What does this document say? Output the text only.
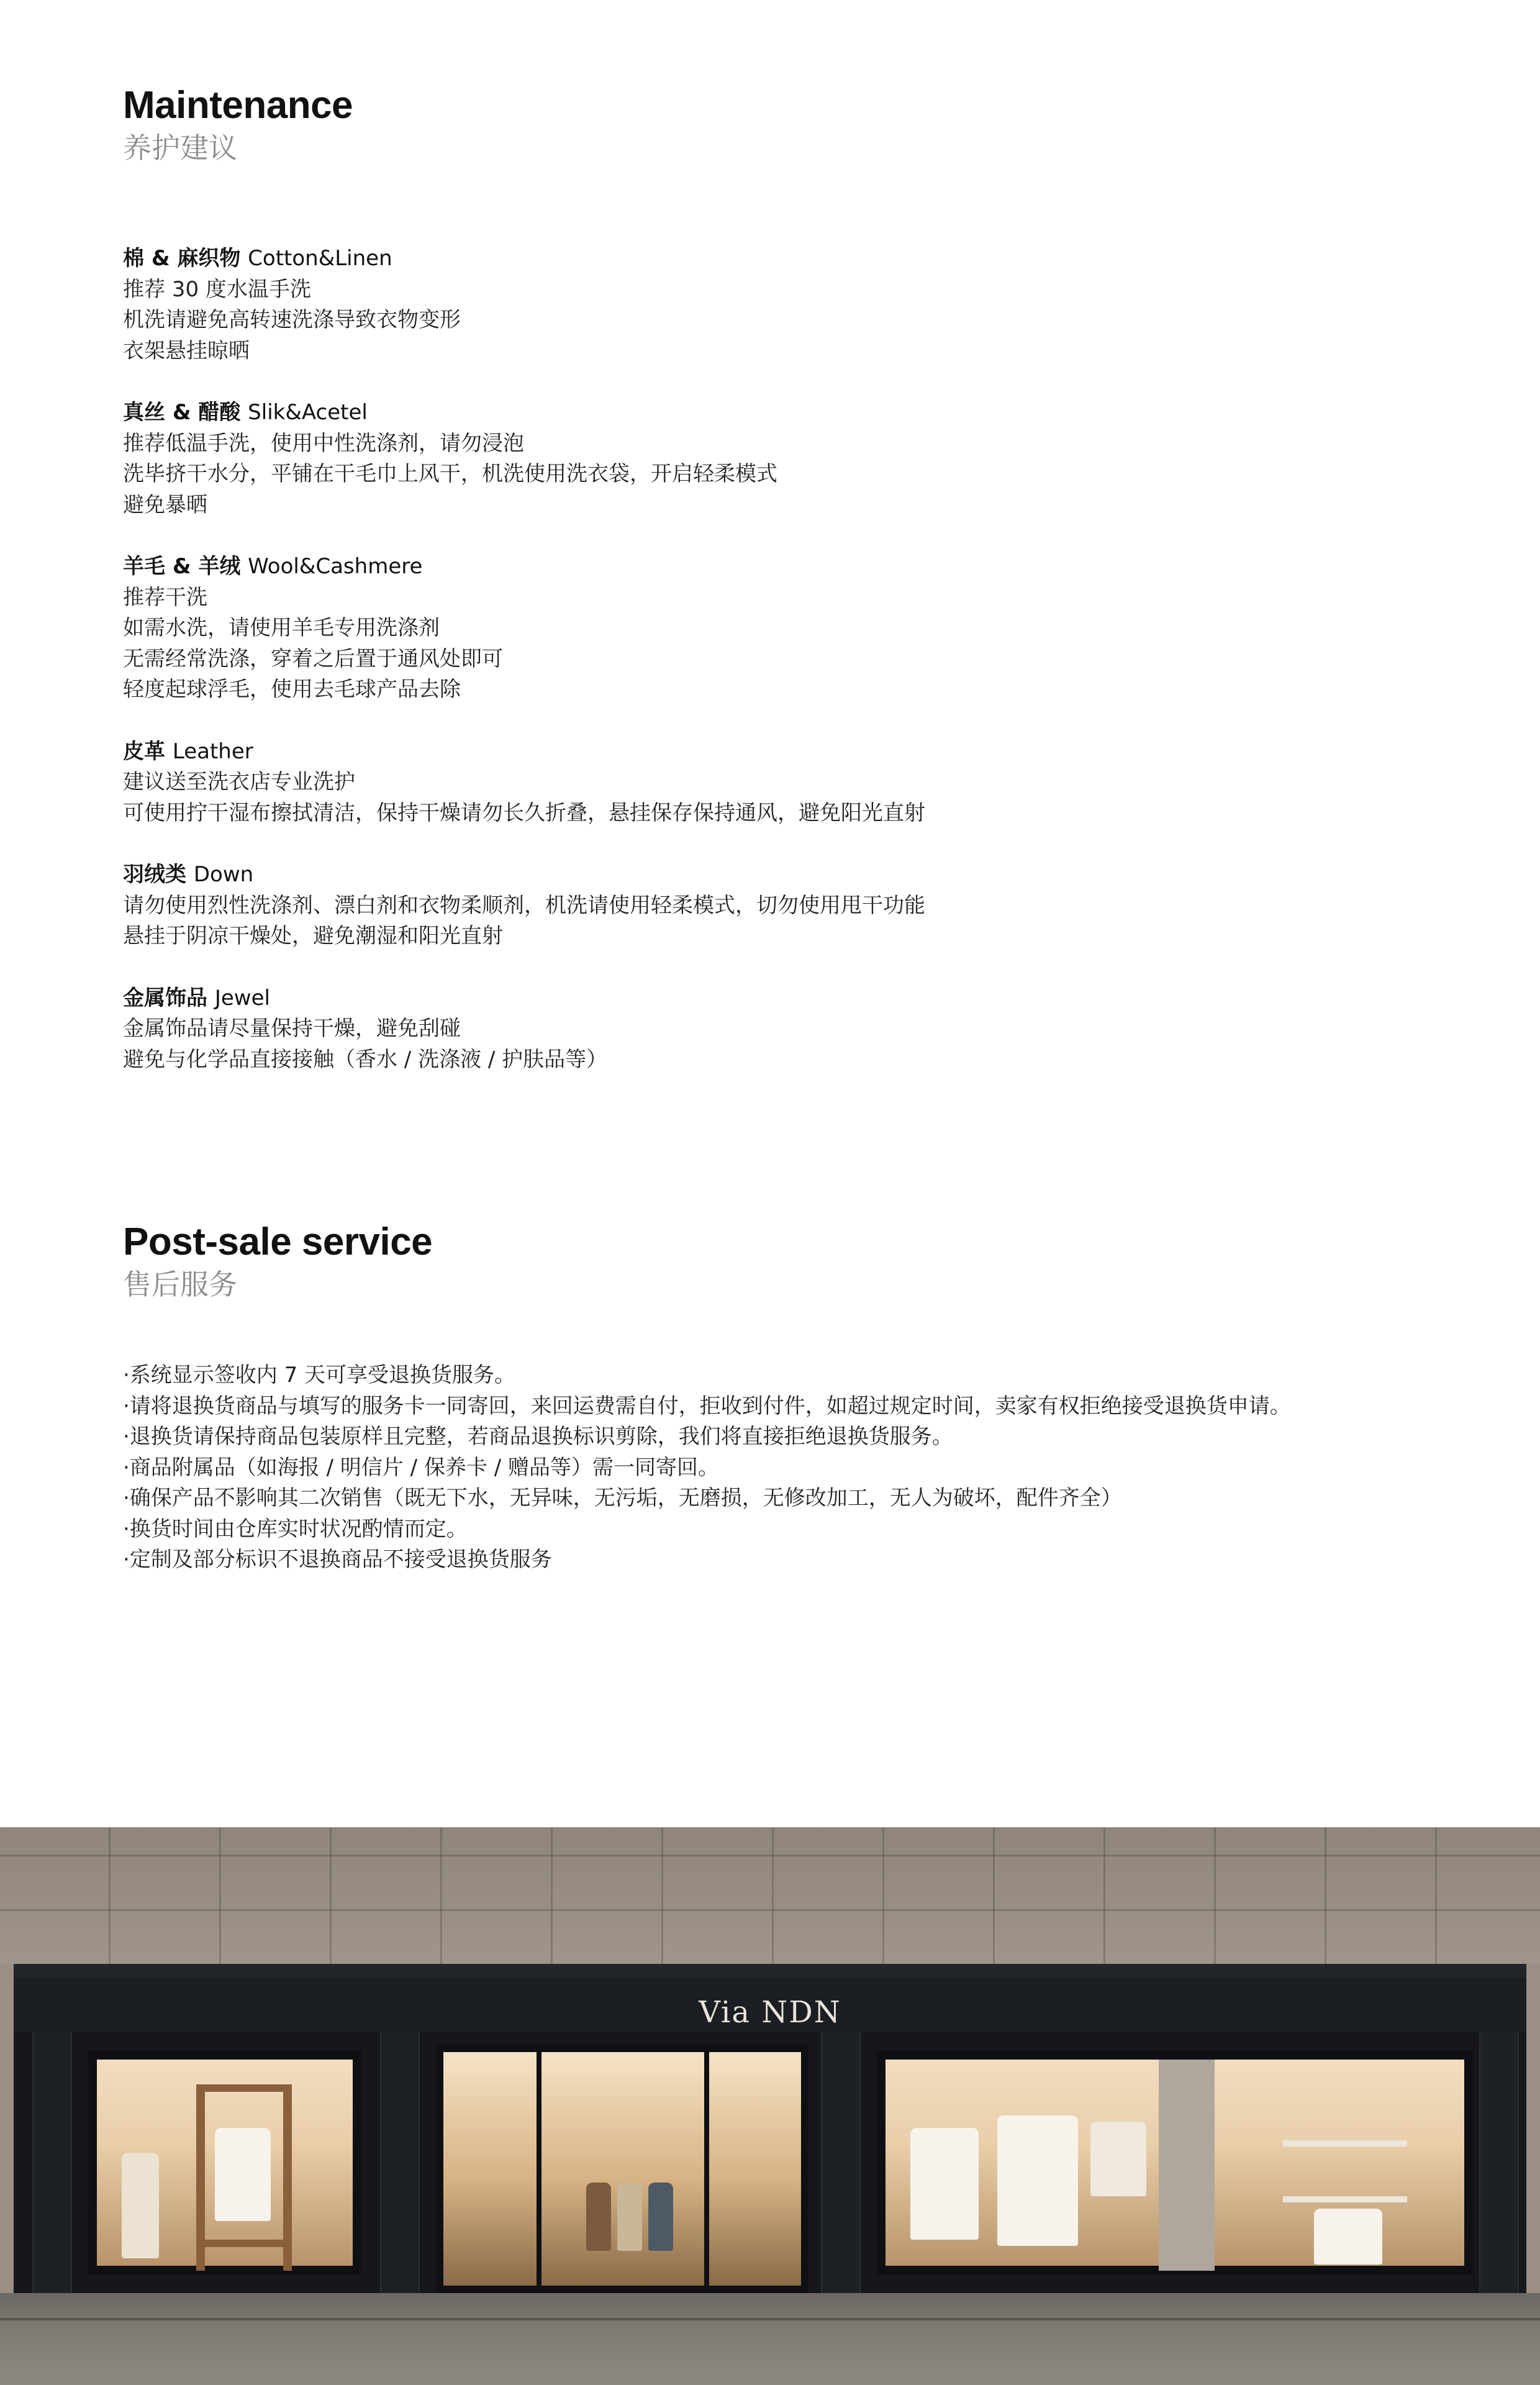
Maintenance
养护建议
棉 & 麻织物 Cotton&Linen
推荐 30 度水温手洗
机洗请避免高转速洗涤导致衣物变形
衣架悬挂晾晒
真丝 & 醋酸 Slik&Acetel
推荐低温手洗，使用中性洗涤剂，请勿浸泡
洗毕挤干水分，平铺在干毛巾上风干，机洗使用洗衣袋，开启轻柔模式
避免暴晒
羊毛 & 羊绒 Wool&Cashmere
推荐干洗
如需水洗，请使用羊毛专用洗涤剂
无需经常洗涤，穿着之后置于通风处即可
轻度起球浮毛，使用去毛球产品去除
皮革 Leather
建议送至洗衣店专业洗护
可使用拧干湿布擦拭清洁，保持干燥请勿长久折叠，悬挂保存保持通风，避免阳光直射
羽绒类 Down
请勿使用烈性洗涤剂、漂白剂和衣物柔顺剂，机洗请使用轻柔模式，切勿使用甩干功能
悬挂于阴凉干燥处，避免潮湿和阳光直射
金属饰品 Jewel
金属饰品请尽量保持干燥，避免刮碰
避免与化学品直接接触（香水 / 洗涤液 / 护肤品等）
Post-sale service
售后服务
·系统显示签收内 7 天可享受退换货服务。
·请将退换货商品与填写的服务卡一同寄回，来回运费需自付，拒收到付件，如超过规定时间，卖家有权拒绝接受退换货申请。
·退换货请保持商品包装原样且完整，若商品退换标识剪除，我们将直接拒绝退换货服务。
·商品附属品（如海报 / 明信片 / 保养卡 / 赠品等）需一同寄回。
·确保产品不影响其二次销售（既无下水，无异味，无污垢，无磨损，无修改加工，无人为破坏，配件齐全）
·换货时间由仓库实时状况酌情而定。
·定制及部分标识不退换商品不接受退换货服务
Via NDN
